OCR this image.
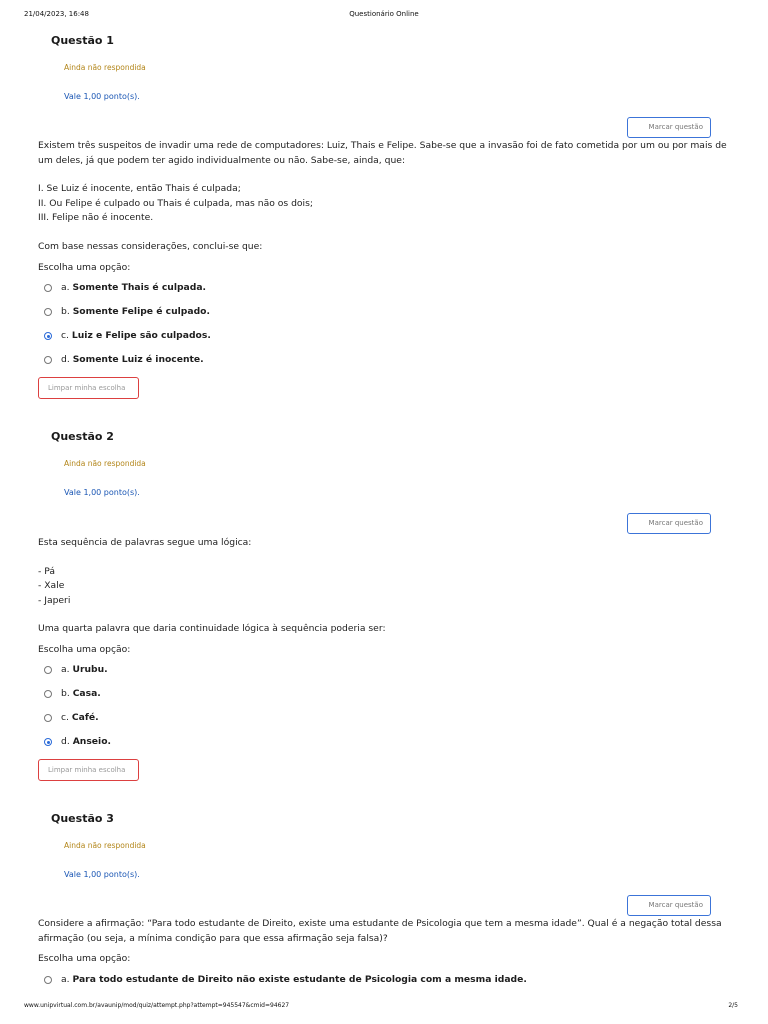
21/04/2023, 16:48	Questionário Online
Questão 1
Ainda não respondida
Vale 1,00 ponto(s).
Marcar questão

Existem três suspeitos de invadir uma rede de computadores: Luiz, Thais e Felipe. Sabe-se que a invasão foi de fato cometida por um ou por mais de um deles, já que podem ter agido individualmente ou não. Sabe-se, ainda, que:

I. Se Luiz é inocente, então Thais é culpada;

II. Ou Felipe é culpado ou Thais é culpada, mas não os dois;

III. Felipe não é inocente.

Com base nessas considerações, conclui-se que:

Escolha uma opção:
a. Somente Thais é culpada.
b. Somente Felipe é culpado.
c. Luiz e Felipe são culpados.
d. Somente Luiz é inocente.
Limpar minha escolha
Questão 2
Ainda não respondida
Vale 1,00 ponto(s).
Marcar questão

Esta sequência de palavras segue uma lógica:

- Pá

- Xale

- Japeri

Uma quarta palavra que daria continuidade lógica à sequência poderia ser:

Escolha uma opção:
a. Urubu.
b. Casa.
c. Café.
d. Anseio.
Limpar minha escolha
Questão 3
Ainda não respondida
Vale 1,00 ponto(s).
Marcar questão

Considere a afirmação: “Para todo estudante de Direito, existe uma estudante de Psicologia que tem a mesma idade”. Qual é a negação total dessa afirmação (ou seja, a mínima condição para que essa afirmação seja falsa)?

Escolha uma opção:
a. Para todo estudante de Direito não existe estudante de Psicologia com a mesma idade.
www.unipvirtual.com.br/avaunip/mod/quiz/attempt.php?attempt=945547&cmid=94627	2/5
